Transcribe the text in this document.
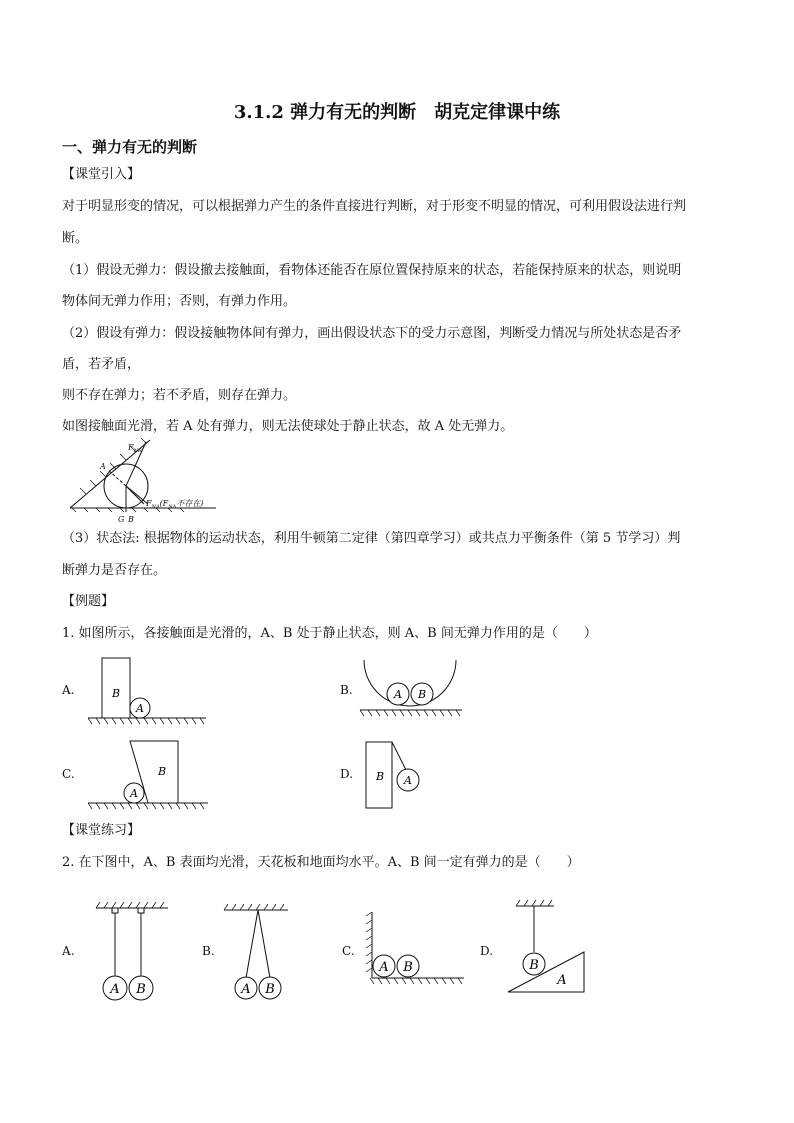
3.1.2 弹力有无的判断　胡克定律课中练
一、弹力有无的判断
【课堂引入】
对于明显形变的情况，可以根据弹力产生的条件直接进行判断，对于形变不明显的情况，可利用假设法进行判
断。
（1）假设无弹力：假设撤去接触面，看物体还能否在原位置保持原来的状态，若能保持原来的状态，则说明
物体间无弹力作用；否则，有弹力作用。
（2）假设有弹力：假设接触物体间有弹力，画出假设状态下的受力示意图，判断受力情况与所处状态是否矛
盾，若矛盾，
则不存在弹力；若不矛盾，则存在弹力。
如图接触面光滑，若 A 处有弹力，则无法使球处于静止状态，故 A 处无弹力。
$F_{NB}$
A
$F_{NA}(F_{NA}$不存在)
G B
（3）状态法: 根据物体的运动状态，利用牛顿第二定律（第四章学习）或共点力平衡条件（第 5 节学习）判
断弹力是否存在。
【例题】
1. 如图所示，各接触面是光滑的，A、B 处于静止状态，则 A、B 间无弹力作用的是（　　）
A.	B
A
B.	A B
C.	B
A
D. B A
【课堂练习】
2. 在下图中，A、B 表面均光滑，天花板和地面均水平。A、B 间一定有弹力的是（　　）
A.
A B
B.
A B
C.
A B
D.
B
A
